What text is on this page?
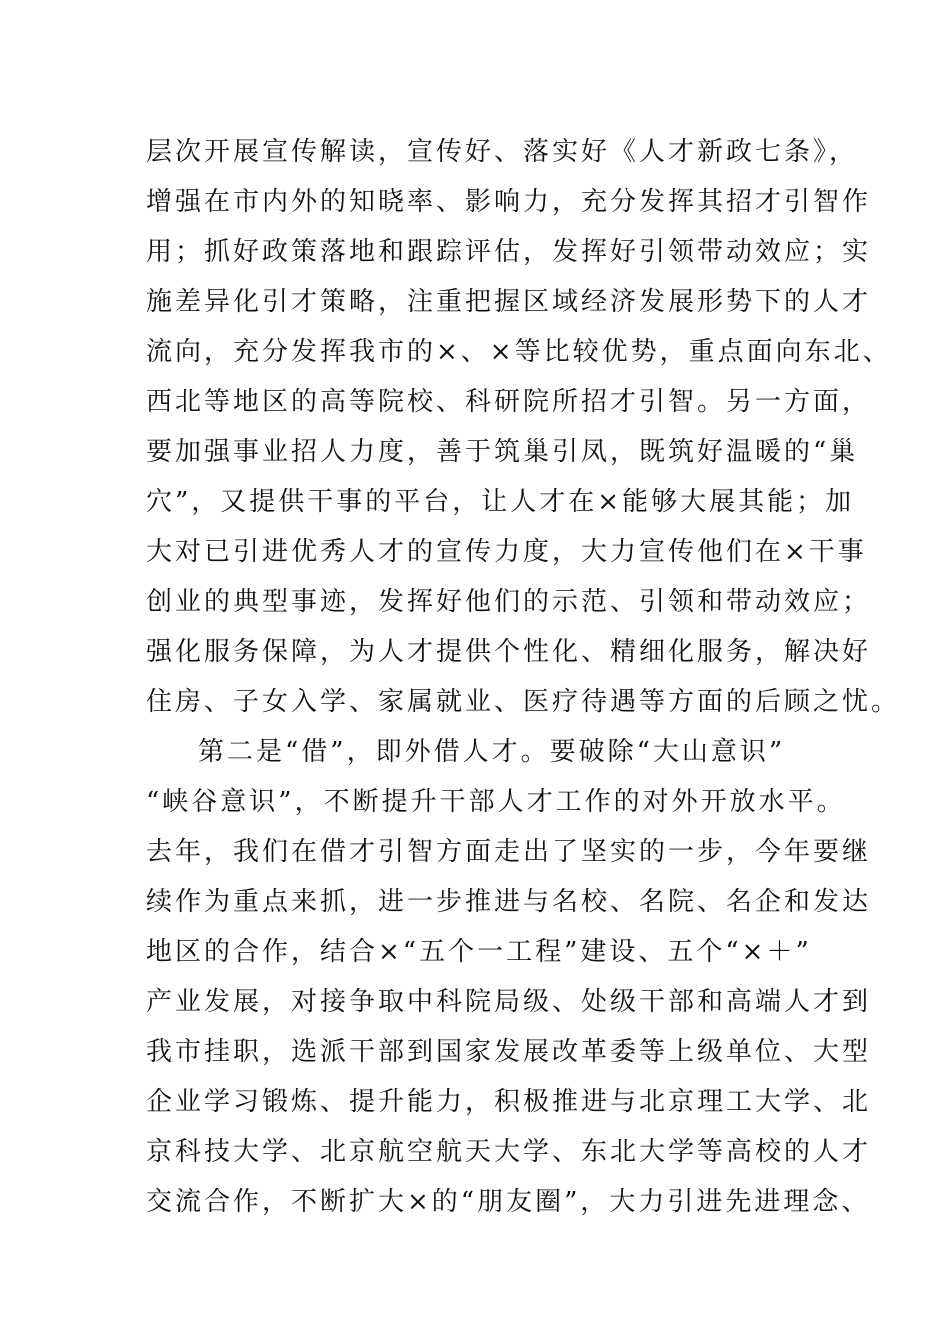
层次开展宣传解读，宣传好、落实好《人才新政七条》，
增强在市内外的知晓率、影响力，充分发挥其招才引智作
用；抓好政策落地和跟踪评估，发挥好引领带动效应；实
施差异化引才策略，注重把握区域经济发展形势下的人才
流向，充分发挥我市的×、×等比较优势，重点面向东北、
西北等地区的高等院校、科研院所招才引智。另一方面，
要加强事业招人力度，善于筑巢引凤，既筑好温暖的“巢
穴”，又提供干事的平台，让人才在×能够大展其能；加
大对已引进优秀人才的宣传力度，大力宣传他们在×干事
创业的典型事迹，发挥好他们的示范、引领和带动效应；
强化服务保障，为人才提供个性化、精细化服务，解决好
住房、子女入学、家属就业、医疗待遇等方面的后顾之忧。
第二是“借”，即外借人才。要破除“大山意识”
“峡谷意识”，不断提升干部人才工作的对外开放水平。
去年，我们在借才引智方面走出了坚实的一步，今年要继
续作为重点来抓，进一步推进与名校、名院、名企和发达
地区的合作，结合×“五个一工程”建设、五个“×＋”
产业发展，对接争取中科院局级、处级干部和高端人才到
我市挂职，选派干部到国家发展改革委等上级单位、大型
企业学习锻炼、提升能力，积极推进与北京理工大学、北
京科技大学、北京航空航天大学、东北大学等高校的人才
交流合作，不断扩大×的“朋友圈”，大力引进先进理念、
